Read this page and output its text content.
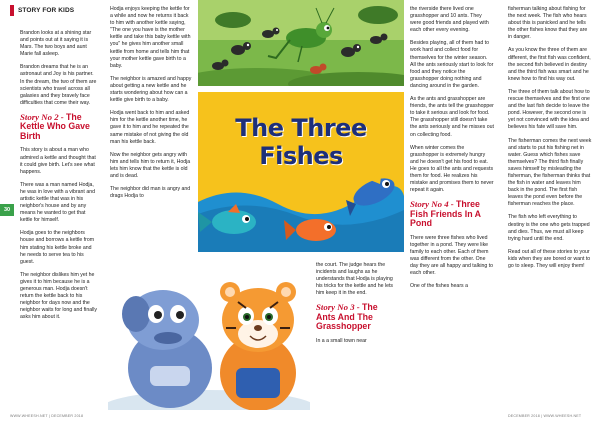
STORY FOR KIDS
30

Brandon looks at a shining star and points out at it saying it is Mars. The two boys and aunt Marie fall asleep.

Brandon dreams that he is an astronaut and Joy is his partner. In the dream, the two of them are scientists who travel across all galaxies and they bravely face difficulties that come their way.

Story No 2 - The Kettle Who Gave Birth

This story is about a man who admired a kettle and thought that it could give birth. Let's see what happens.

There was a man named Hodja, he was in love with a vibrant and artistic kettle that was in his neighbor's house and by any means he wanted to get that kettle for himself.

Hodja goes to the neighbors house and borrows a kettle from him stating his kettle broke and he needs to serve tea to his guest.

The neighbor dislikes him yet he gives it to him because he is a generous man. Hodja doesn't return the kettle back to his neighbor for days now and the neighbor waits for long and finally asks him about it.

Hodja enjoys keeping the kettle for a while and now he returns it back to him with another kettle saying, "The one you have is the mother kettle and take this baby kettle with you" he gives him another small kettle from home and tells him that your mother kettle gave birth to a baby.

The neighbor is amazed and happy about getting a new kettle and he starts wondering about how can a kettle give birth to a baby.

Hodja went back to him and asked him for the kettle another time, he gave it to him and he repeated the same mistake of not giving the old man his kettle back.

Now the neighbor gets angry with him and tells him to return it, Hodja lets him know that the kettle is old and is dead.

The neighbor did man is angry and drags Hodja to

the court. The judge hears the incidents and laughs as he understands that Hodja is playing his tricks for the kettle and he lets him keep it in the end.

Story No 3 - The Ants And The Grasshopper

In a a small town near

the riverside there lived one grasshopper and 10 ants. They were good friends and played with each other every evening.

Besides playing, all of them had to work hard and collect food for themselves for the winter season. All the ants seriously start to look for food and they notice the grasshopper doing nothing and dancing around in the garden.

As the ants and grasshopper are friends, the ants tell the grasshopper to take it serious and look for food. The grasshopper still doesn't take the ants seriously and he misses out on collecting food.

When winter comes the grasshopper is extremely hungry and he doesn't get his food to eat. He goes to all the ants and requests them for food. He realizes his mistake and promises them to never repeat it again.

Story No 4 - Three Fish Friends In A Pond

There were three fishes who lived together in a pond. They were like family to each other. Each of them was different from the other. One day they are all happy and talking to each other.

One of the fishes hears a

fisherman talking about fishing for the next week. The fish who hears about this is panicked and he tells the other fishes know that they are in danger.

As you know the three of them are different, the first fish was confident, the second fish believed in destiny and the third fish was smart and he knew how to find his way out.

The three of them talk about how to rescue themselves and the first one and the last fish decide to leave the pond. However, the second one is yet not convinced with the idea and believes his fate will save him.

The fisherman comes the next week and starts to put his fishing net in water. Guess which fishes save themselves? The third fish finally saves himself by misleading the fisherman, the fisherman thinks that the fish in water and leaves him back in the pond. The first fish leaves the pond even before the fisherman reaches the place.

The fish who left everything to destiny is the one who gets trapped and dies. Thus, we must all keep trying hard until the end.

Read out all of these stories to your kids when they are bored or want to go to sleep. They will enjoy them!

The Three Fishes
WWW.WHEESH.NET | DECEMBER 2018	DECEMBER 2018 | WWW.WHEESH.NET
